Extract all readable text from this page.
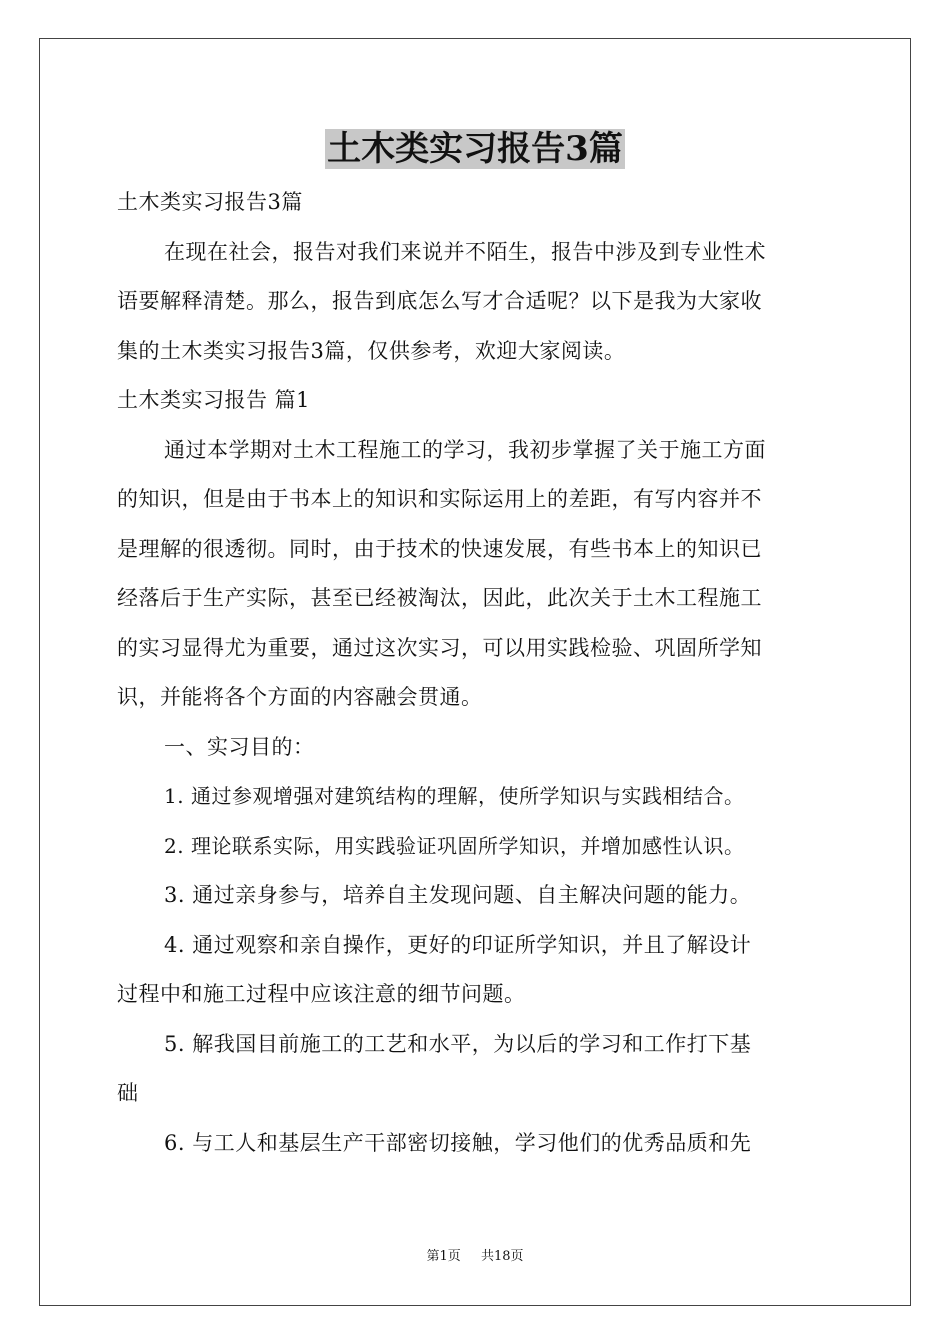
土木类实习报告3篇
土木类实习报告3篇
在现在社会，报告对我们来说并不陌生，报告中涉及到专业性术
语要解释清楚。那么，报告到底怎么写才合适呢？以下是我为大家收
集的土木类实习报告3篇，仅供参考，欢迎大家阅读。
土木类实习报告 篇1
通过本学期对土木工程施工的学习，我初步掌握了关于施工方面
的知识，但是由于书本上的知识和实际运用上的差距，有写内容并不
是理解的很透彻。同时，由于技术的快速发展，有些书本上的知识已
经落后于生产实际，甚至已经被淘汰，因此，此次关于土木工程施工
的实习显得尤为重要，通过这次实习，可以用实践检验、巩固所学知
识，并能将各个方面的内容融会贯通。
一、实习目的：
1. 通过参观增强对建筑结构的理解，使所学知识与实践相结合。
2. 理论联系实际，用实践验证巩固所学知识，并增加感性认识。
3. 通过亲身参与，培养自主发现问题、自主解决问题的能力。
4. 通过观察和亲自操作，更好的印证所学知识，并且了解设计
过程中和施工过程中应该注意的细节问题。
5. 解我国目前施工的工艺和水平，为以后的学习和工作打下基
础
6. 与工人和基层生产干部密切接触，学习他们的优秀品质和先
第1页 共18页
